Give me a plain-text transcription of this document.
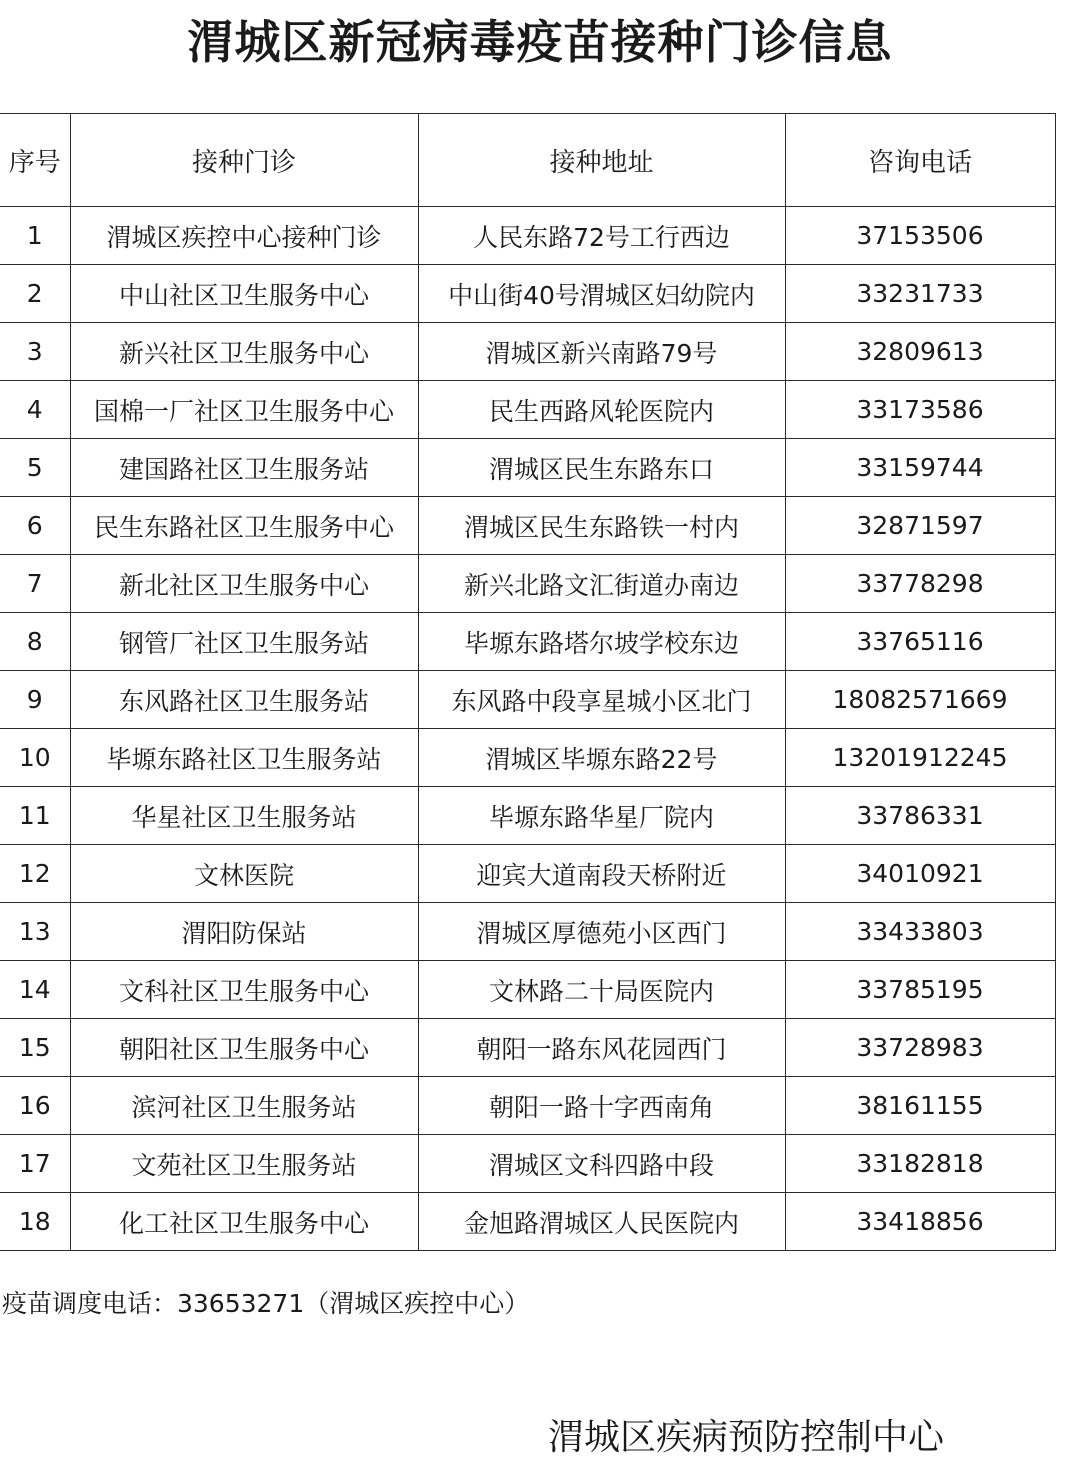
渭城区新冠病毒疫苗接种门诊信息
序号	接种门诊	接种地址	咨询电话
1	渭城区疾控中心接种门诊	人民东路72号工行西边	37153506
2	中山社区卫生服务中心	中山街40号渭城区妇幼院内	33231733
3	新兴社区卫生服务中心	渭城区新兴南路79号	32809613
4	国棉一厂社区卫生服务中心	民生西路风轮医院内	33173586
5	建国路社区卫生服务站	渭城区民生东路东口	33159744
6	民生东路社区卫生服务中心	渭城区民生东路铁一村内	32871597
7	新北社区卫生服务中心	新兴北路文汇街道办南边	33778298
8	钢管厂社区卫生服务站	毕塬东路塔尔坡学校东边	33765116
9	东风路社区卫生服务站	东风路中段享星城小区北门	18082571669
10	毕塬东路社区卫生服务站	渭城区毕塬东路22号	13201912245
11	华星社区卫生服务站	毕塬东路华星厂院内	33786331
12	文林医院	迎宾大道南段天桥附近	34010921
13	渭阳防保站	渭城区厚德苑小区西门	33433803
14	文科社区卫生服务中心	文林路二十局医院内	33785195
15	朝阳社区卫生服务中心	朝阳一路东风花园西门	33728983
16	滨河社区卫生服务站	朝阳一路十字西南角	38161155
17	文苑社区卫生服务站	渭城区文科四路中段	33182818
18	化工社区卫生服务中心	金旭路渭城区人民医院内	33418856
疫苗调度电话：33653271（渭城区疾控中心）
渭城区疾病预防控制中心
